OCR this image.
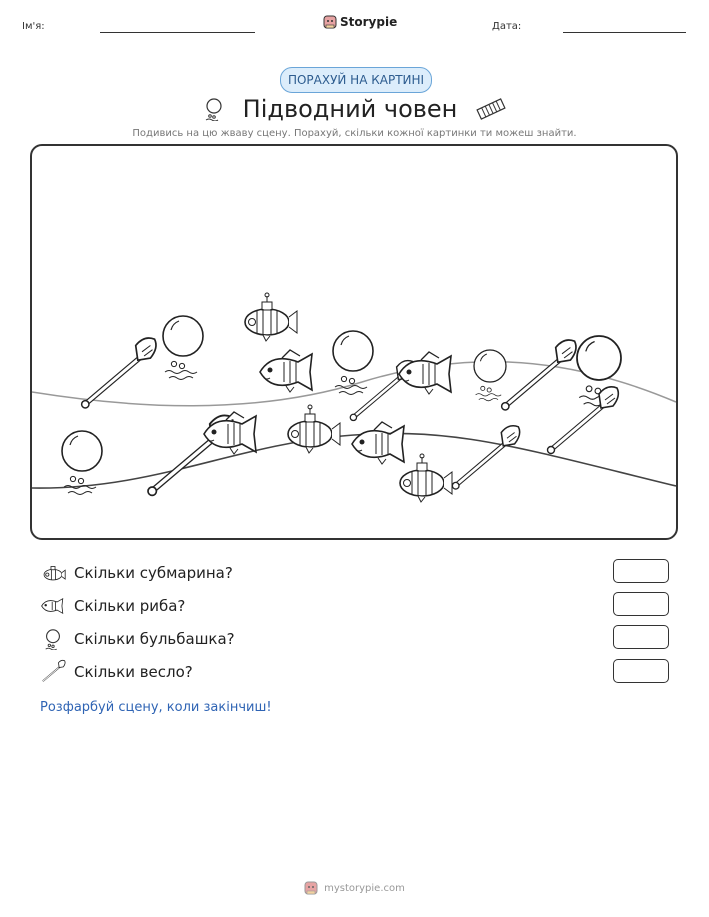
Ім'я:	Storypie	Дата:
ПОРАХУЙ НА КАРТИНІ
Підводний човен
Подивись на цю жваву сцену. Порахуй, скільки кожної картинки ти можеш знайти.
Скільки субмарина?
Скільки риба?
Скільки бульбашка?
Скільки весло?
Розфарбуй сцену, коли закінчиш!
mystorypie.com
